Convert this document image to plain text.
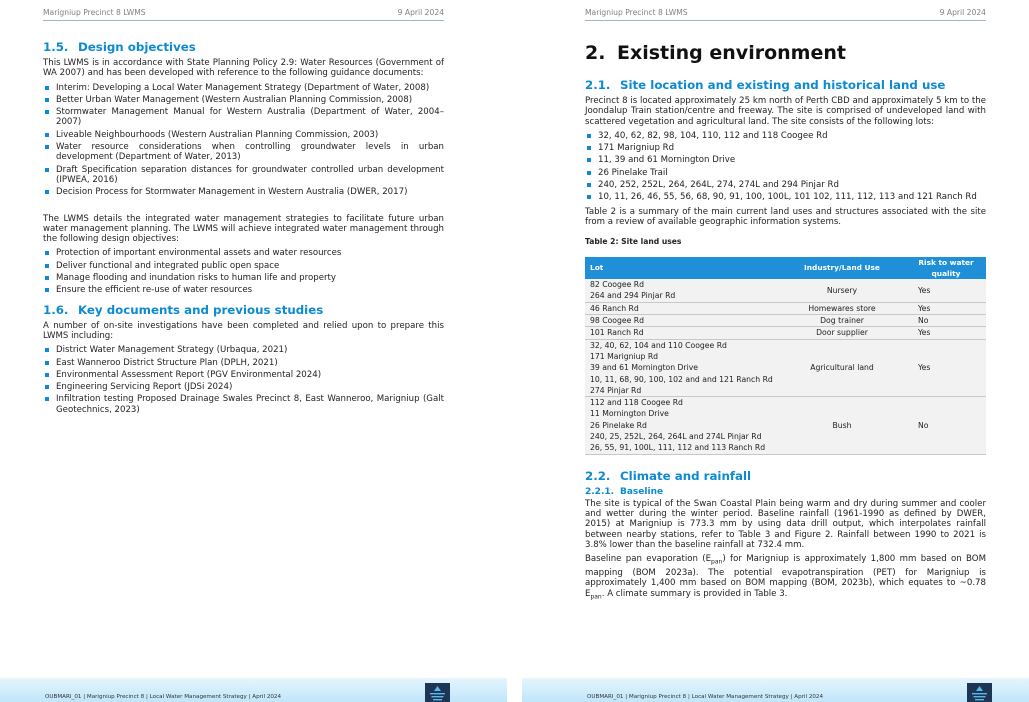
Marigniup Precinct 8 LWMS	9 April 2024
1.5. Design objectives

This LWMS is in accordance with State Planning Policy 2.9: Water Resources (Government of WA 2007) and has been developed with reference to the following guidance documents:

Interim: Developing a Local Water Management Strategy (Department of Water, 2008)
Better Urban Water Management (Western Australian Planning Commission, 2008)
Stormwater Management Manual for Western Australia (Department of Water, 2004–2007)
Liveable Neighbourhoods (Western Australian Planning Commission, 2003)
Water resource considerations when controlling groundwater levels in urban development (Department of Water, 2013)
Draft Specification separation distances for groundwater controlled urban development (IPWEA, 2016)
Decision Process for Stormwater Management in Western Australia (DWER, 2017)

The LWMS details the integrated water management strategies to facilitate future urban water management planning. The LWMS will achieve integrated water management through the following design objectives:

Protection of important environmental assets and water resources
Deliver functional and integrated public open space
Manage flooding and inundation risks to human life and property
Ensure the efficient re-use of water resources
1.6. Key documents and previous studies

A number of on-site investigations have been completed and relied upon to prepare this LWMS including:

District Water Management Strategy (Urbaqua, 2021)
East Wanneroo District Structure Plan (DPLH, 2021)
Environmental Assessment Report (PGV Environmental 2024)
Engineering Servicing Report (JDSi 2024)
Infiltration testing Proposed Drainage Swales Precinct 8, East Wanneroo, Marigniup (Galt Geotechnics, 2023)
OUBMARI_01 | Marigniup Precinct 8 | Local Water Management Strategy | April 2024
Marigniup Precinct 8 LWMS	9 April 2024
2. Existing environment
2.1. Site location and existing and historical land use

Precinct 8 is located approximately 25 km north of Perth CBD and approximately 5 km to the Joondalup Train station/centre and freeway. The site is comprised of undeveloped land with scattered vegetation and agricultural land. The site consists of the following lots:

32, 40, 62, 82, 98, 104, 110, 112 and 118 Coogee Rd
171 Marigniup Rd
11, 39 and 61 Mornington Drive
26 Pinelake Trail
240, 252, 252L, 264, 264L, 274, 274L and 294 Pinjar Rd
10, 11, 26, 46, 55, 56, 68, 90, 91, 100, 100L, 101 102, 111, 112, 113 and 121 Ranch Rd

Table 2 is a summary of the main current land uses and structures associated with the site from a review of available geographic information systems.

Table 2: Site land uses
Lot	Industry/Land Use	Risk to water quality

82 Coogee Rd
264 and 294 Pinjar Rd	Nursery	Yes

46 Ranch Rd	Homewares store	Yes

98 Coogee Rd	Dog trainer	No

101 Ranch Rd	Door supplier	Yes

32, 40, 62, 104 and 110 Coogee Rd
171 Marigniup Rd
39 and 61 Mornington Drive
10, 11, 68, 90, 100, 102 and and 121 Ranch Rd
274 Pinjar Rd	Agricultural land	Yes

112 and 118 Coogee Rd
11 Mornington Drive
26 Pinelake Rd
240, 25, 252L, 264, 264L and 274L Pinjar Rd
26, 55, 91, 100L, 111, 112 and 113 Ranch Rd	Bush	No
2.2. Climate and rainfall
2.2.1. Baseline

The site is typical of the Swan Coastal Plain being warm and dry during summer and cooler and wetter during the winter period. Baseline rainfall (1961-1990 as defined by DWER, 2015) at Marigniup is 773.3 mm by using data drill output, which interpolates rainfall between nearby stations, refer to Table 3 and Figure 2. Rainfall between 1990 to 2021 is 3.8% lower than the baseline rainfall at 732.4 mm.

Baseline pan evaporation $(E_{pan})$ for Marigniup is approximately 1,800 mm based on BOM mapping (BOM 2023a). The potential evapotranspiration (PET) for Marigniup is approximately 1,400 mm based on BOM mapping (BOM, 2023b), which equates to ~0.78 $E_{pan}$. A climate summary is provided in Table 3.

OUBMARI_01 | Marigniup Precinct 8 | Local Water Management Strategy | April 2024
